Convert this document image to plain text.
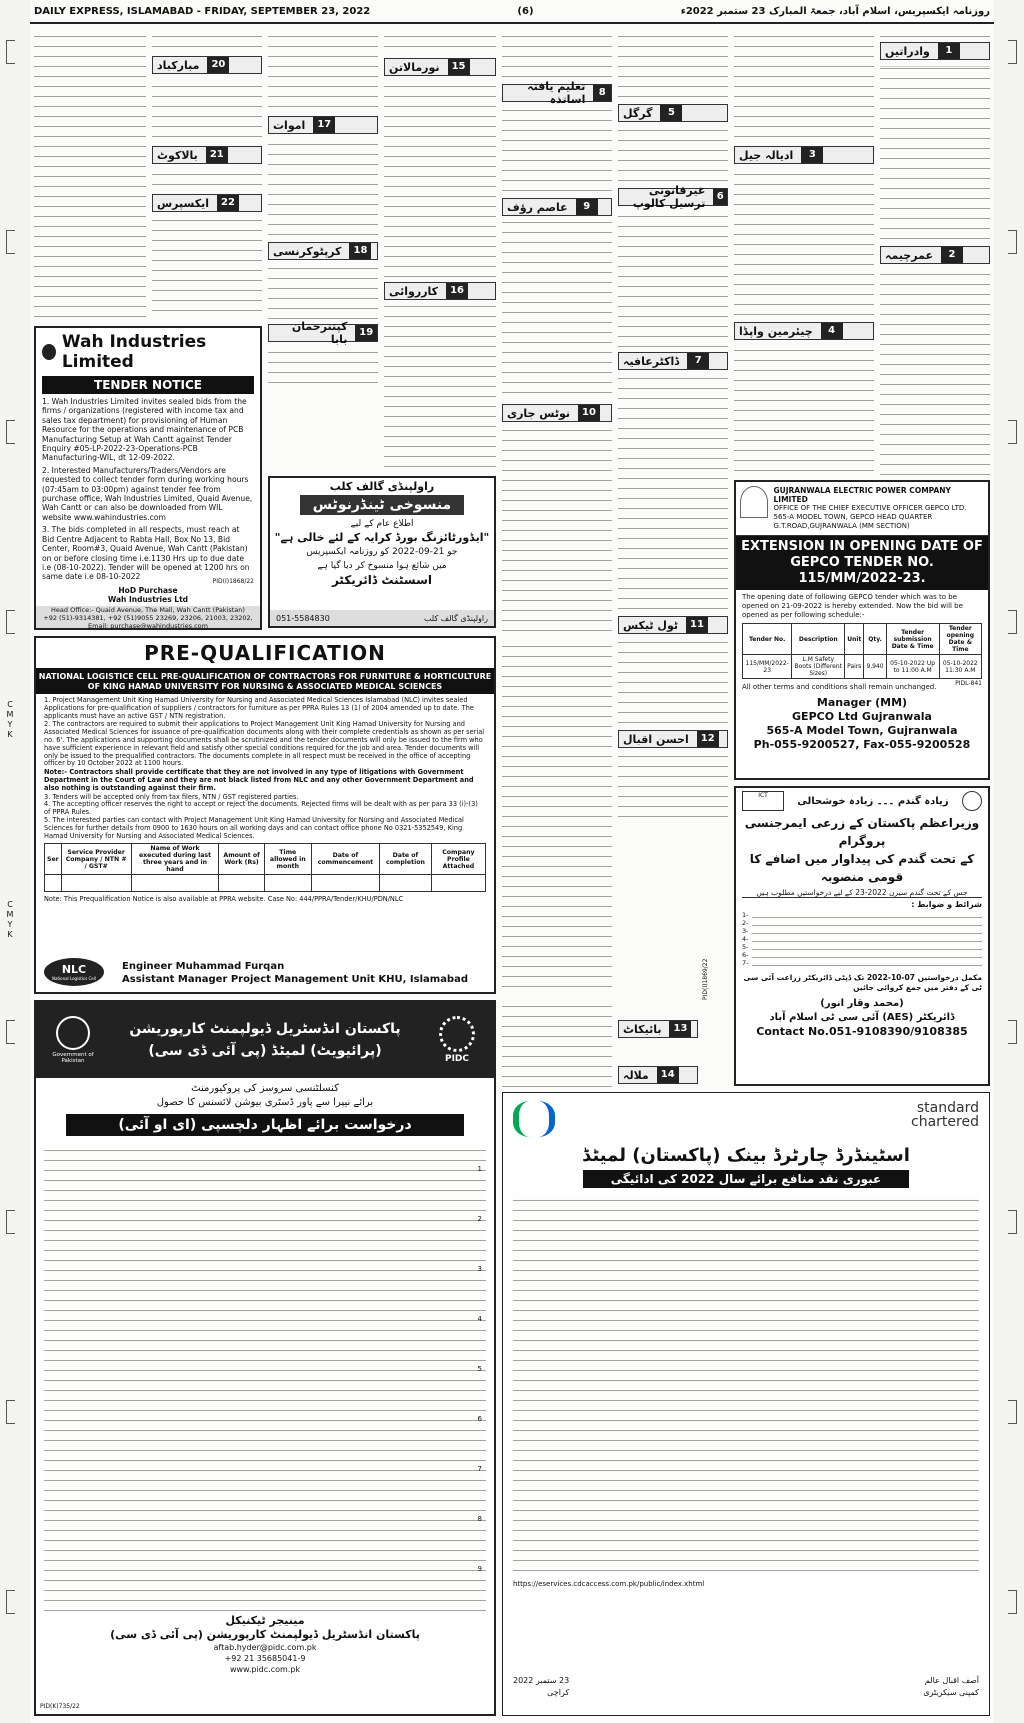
DAILY EXPRESS, ISLAMABAD - FRIDAY, SEPTEMBER 23, 2022	(6)	روزنامہ ایکسپریس، اسلام آباد، جمعۃ المبارک 23 ستمبر 2022ء
1
وادراتیں
2
عمرچیمہ
3
ادیالہ جیل
4
چیئرمین واپڈا
5
گرگل
6
غیرقانونی ترسیل کالوپ
7
ڈاکٹرعافیہ
8
تعلیم یافتہ اساتذہ
9
عاصم رؤف
10
نوٹس جاری
11
ٹول ٹیکس
12
احسن اقبال
13
بائیکاٹ
14
ملالہ
15
نورمالاتن
16
کارروائی
17
اموات
18
کرپٹوکرنسی
19
کپتنرحمان بابا
20
مبارکباد
21
بالاکوٹ
22
ایکسپرس
Wah Industries Limited
TENDER NOTICE
1. Wah Industries Limited invites sealed bids from the firms / organizations (registered with income tax and sales tax department) for provisioning of Human Resource for the operations and maintenance of PCB Manufacturing Setup at Wah Cantt against Tender Enquiry #05-LP-2022-23-Operations-PCB Manufacturing-WIL, dt 12-09-2022.
2. Interested Manufacturers/Traders/Vendors are requested to collect tender form during working hours (07:45am to 03:00pm) against tender fee from purchase office, Wah Industries Limited, Quaid Avenue, Wah Cantt or can also be downloaded from WIL website www.wahindustries.com
3. The bids completed in all respects, must reach at Bid Centre Adjacent to Rabta Hall, Box No 13, Bid Center, Room#3, Quaid Avenue, Wah Cantt (Pakistan) on or before closing time i.e.1130 Hrs up to due date i.e (08-10-2022). Tender will be opened at 1200 hrs on same date i.e 08-10-2022
PID(I)1868/22
HoD Purchase
Wah Industries Ltd
Head Office:- Quaid Avenue, The Mall, Wah Cantt (Pakistan)
+92 (51)-9314381, +92 (51)9055 23269, 23206, 21003, 23202,
Email: purchase@wahindustries.com
راولپنڈی گالف کلب
منسوخی ٹینڈرنوٹس
اطلاع عام کے لیے
"ایڈورٹائزنگ بورڈ کرایہ کے لئے خالی ہے"
جو 21-09-2022 کو روزنامہ ایکسپریس
میں شائع ہوا منسوخ کر دیا گیا ہے
اسسٹنٹ ڈائریکٹر
051-5584830	راولپنڈی گالف کلب
GUJRANWALA ELECTRIC POWER COMPANY LIMITED
OFFICE OF THE CHIEF EXECUTIVE OFFICER GEPCO LTD.
565-A MODEL TOWN, GEPCO HEAD QUARTER G.T.ROAD,GUJRANWALA (MM SECTION)
EXTENSION IN OPENING DATE OF
GEPCO TENDER NO. 115/MM/2022-23.
The opening date of following GEPCO tender which was to be opened on 21-09-2022 is hereby extended. Now the bid will be opened as per following schedule:-
Tender No.	Description	Unit	Qty.	Tender submission Date & Time	Tender opening Date & Time
115/MM/2022-23	L.M Safety Boots (Different Sizes)	Pairs	9,940	05-10-2022 Up to 11:00 A.M	05-10-2022 11:30 A.M
All other terms and conditions shall remain unchanged.	PIDL-841
Manager (MM)
GEPCO Ltd Gujranwala
565-A Model Town, Gujranwala
Ph-055-9200527, Fax-055-9200528
PRE-QUALIFICATION
NATIONAL LOGISTICE CELL PRE-QUALIFICATION OF CONTRACTORS FOR FURNITURE & HORTICULTURE
OF KING HAMAD UNIVERSITY FOR NURSING & ASSOCIATED MEDICAL SCIENCES
1. Project Management Unit King Hamad University for Nursing and Associated Medical Sciences Islamabad (NLC) invites sealed Applications for pre-qualification of suppliers / contractors for furniture as per PPRA Rules 13 (1) of 2004 amended up to date. The applicants must have an active GST / NTN registration.
2. The contractors are required to submit their applications to Project Management Unit King Hamad University for Nursing and Associated Medical Sciences for issuance of pre-qualification documents along with their complete credentials as shown as per serial no. 6'. The applications and supporting documents shall be scrutinized and the tender documents will only be issued to the firm who have sufficient experience in relevant field and satisfy other special conditions required for the job and area. Tender documents will only be issued to the prequalified contractors. The documents complete in all respect must be received in the office of accepting officer by 10 October 2022 at 1100 hours.
Note:- Contractors shall provide certificate that they are not involved in any type of litigations with Government Department in the Court of Law and they are not black listed from NLC and any other Government Department and also nothing is outstanding against their firm.
3. Tenders will be accepted only from tax filers, NTN / GST registered parties.
4. The accepting officer reserves the right to accept or reject the documents. Rejected firms will be dealt with as per para 33 (i)-(3) of PPRA Rules.
5. The interested parties can contact with Project Management Unit King Hamad University for Nursing and Associated Medical Sciences for further details from 0900 to 1630 hours on all working days and can contact office phone No 0321-5352549, King Hamad University for Nursing and Associated Medical Sciences.
Ser	Service Provider Company / NTN # / GST#	Name of Work executed during last three years and in hand	Amount of Work (Rs)	Time allowed in month	Date of commencement	Date of completion	Company Profile Attached

Note: This Prequalification Notice is also available at PPRA website. Case No: 444/PPRA/Tender/KHU/PDN/NLC
NLC
National Logistics Cell
Engineer Muhammad Furqan
Assistant Manager Project Management Unit KHU, Islamabad
ICT	زیادہ گندم ۔۔۔ زیادہ خوشحالی
وزیراعظم پاکستان کے زرعی ایمرجنسی پروگرام
کے تحت گندم کی پیداوار میں اضافے کا قومی منصوبہ
جس کے تحت گندم سیزن 2022-23 کے لیے درخواستیں مطلوب ہیں
شرائط و ضوابط :
1-
2-
3-
4-
5-
6-
7-
مکمل درخواستیں 07-10-2022 تک ڈپٹی ڈائریکٹر زراعت آئی سی ٹی کے دفتر میں جمع کروائی جائیں
(محمد وقار انور)
ڈائریکٹر (AES) آئی سی ٹی اسلام آباد
Contact No.051-9108390/9108385
PID(I)1869/22
Government of Pakistan
پاکستان انڈسٹریل ڈیولپمنٹ کارپوریشن
(پرائیویٹ) لمیٹڈ (پی آئی ڈی سی)	PIDC
کنسلٹنسی سروسز کی پروکیورمنٹ
برائے نیپرا سے پاور ڈسٹری بیوشن لائسنس کا حصول
درخواست برائے اظہار دلچسپی (ای او آئی)
1
2
3
4
5
6
7
8
9
مینیجر ٹیکنیکل
پاکستان انڈسٹریل ڈیولپمنٹ کارپوریشن (پی آئی ڈی سی)
aftab.hyder@pidc.com.pk
+92 21 35685041-9
www.pidc.com.pk
PID(K)735/22
standard
chartered
اسٹینڈرڈ چارٹرڈ بینک (پاکستان) لمیٹڈ
عبوری نقد منافع برائے سال 2022 کی ادائیگی
https://eservices.cdcaccess.com.pk/public/index.xhtml
23 ستمبر 2022
کراچی
آصف اقبال عالم
کمپنی سیکریٹری
C M Y K
C M Y K
